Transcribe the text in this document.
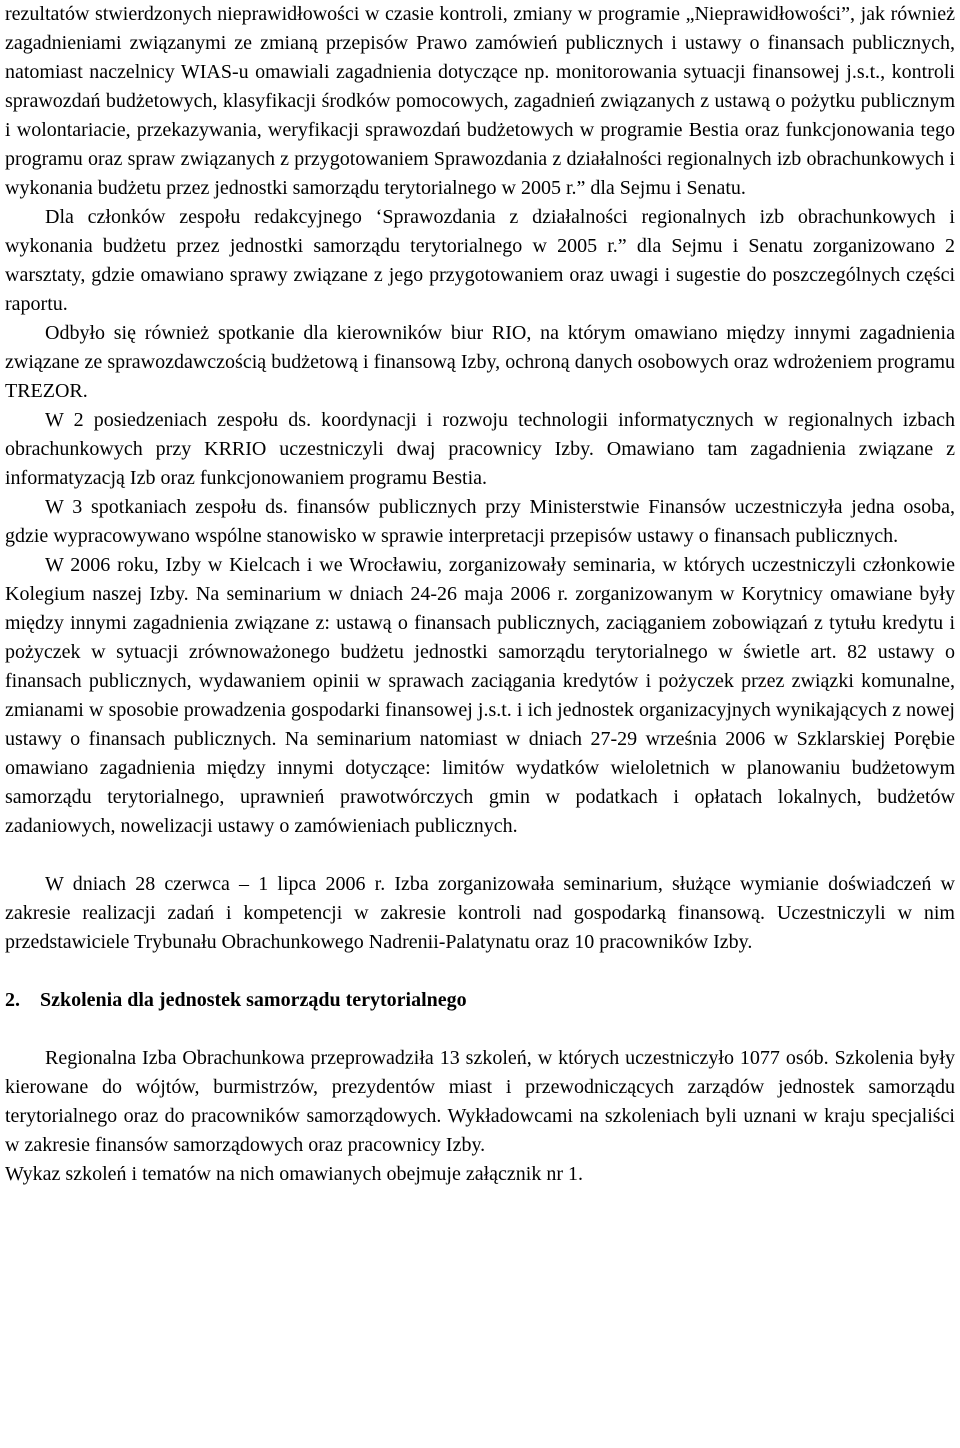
rezultatów stwierdzonych nieprawidłowości w czasie kontroli, zmiany w programie „Nieprawidłowości”, jak również zagadnieniami związanymi ze zmianą przepisów Prawo zamówień publicznych i ustawy o finansach publicznych, natomiast naczelnicy WIAS-u omawiali zagadnienia dotyczące np. monitorowania sytuacji finansowej j.s.t., kontroli sprawozdań budżetowych, klasyfikacji środków pomocowych, zagadnień związanych z ustawą o pożytku publicznym i wolontariacie, przekazywania, weryfikacji sprawozdań budżetowych w programie Bestia oraz funkcjonowania tego programu oraz spraw związanych z przygotowaniem Sprawozdania z działalności regionalnych izb obrachunkowych i wykonania budżetu przez jednostki samorządu terytorialnego w 2005 r.” dla Sejmu i Senatu.

Dla członków zespołu redakcyjnego ‘Sprawozdania z działalności regionalnych izb obrachunkowych i wykonania budżetu przez jednostki samorządu terytorialnego w 2005 r.” dla Sejmu i Senatu zorganizowano 2 warsztaty, gdzie omawiano sprawy związane z jego przygotowaniem oraz uwagi i sugestie do poszczególnych części raportu.

Odbyło się również spotkanie dla kierowników biur RIO, na którym omawiano między innymi zagadnienia związane ze sprawozdawczością budżetową i finansową Izby, ochroną danych osobowych oraz wdrożeniem programu TREZOR.

W 2 posiedzeniach zespołu ds. koordynacji i rozwoju technologii informatycznych w regionalnych izbach obrachunkowych przy KRRIO uczestniczyli dwaj pracownicy Izby. Omawiano tam zagadnienia związane z informatyzacją Izb oraz funkcjonowaniem programu Bestia.

W 3 spotkaniach zespołu ds. finansów publicznych przy Ministerstwie Finansów uczestniczyła jedna osoba, gdzie wypracowywano wspólne stanowisko w sprawie interpretacji przepisów ustawy o finansach publicznych.

W 2006 roku, Izby w Kielcach i we Wrocławiu, zorganizowały seminaria, w których uczestniczyli członkowie Kolegium naszej Izby. Na seminarium w dniach 24-26 maja 2006 r. zorganizowanym w Korytnicy omawiane były między innymi zagadnienia związane z: ustawą o finansach publicznych, zaciąganiem zobowiązań z tytułu kredytu i pożyczek w sytuacji zrównoważonego budżetu jednostki samorządu terytorialnego w świetle art. 82 ustawy o finansach publicznych, wydawaniem opinii w sprawach zaciągania kredytów i pożyczek przez związki komunalne, zmianami w sposobie prowadzenia gospodarki finansowej j.s.t. i ich jednostek organizacyjnych wynikających z nowej ustawy o finansach publicznych. Na seminarium natomiast w dniach 27-29 września 2006 w Szklarskiej Porębie omawiano zagadnienia między innymi dotyczące: limitów wydatków wieloletnich w planowaniu budżetowym samorządu terytorialnego, uprawnień prawotwórczych gmin w podatkach i opłatach lokalnych, budżetów zadaniowych, nowelizacji ustawy o zamówieniach publicznych.

W dniach 28 czerwca – 1 lipca 2006 r. Izba zorganizowała seminarium, służące wymianie doświadczeń w zakresie realizacji zadań i kompetencji w zakresie kontroli nad gospodarką finansową. Uczestniczyli w nim przedstawiciele Trybunału Obrachunkowego Nadrenii-Palatynatu oraz 10 pracowników Izby.

2. Szkolenia dla jednostek samorządu terytorialnego

Regionalna Izba Obrachunkowa przeprowadziła 13 szkoleń, w których uczestniczyło 1077 osób. Szkolenia były kierowane do wójtów, burmistrzów, prezydentów miast i przewodniczących zarządów jednostek samorządu terytorialnego oraz do pracowników samorządowych. Wykładowcami na szkoleniach byli uznani w kraju specjaliści w zakresie finansów samorządowych oraz pracownicy Izby.

Wykaz szkoleń i tematów na nich omawianych obejmuje załącznik nr 1.
